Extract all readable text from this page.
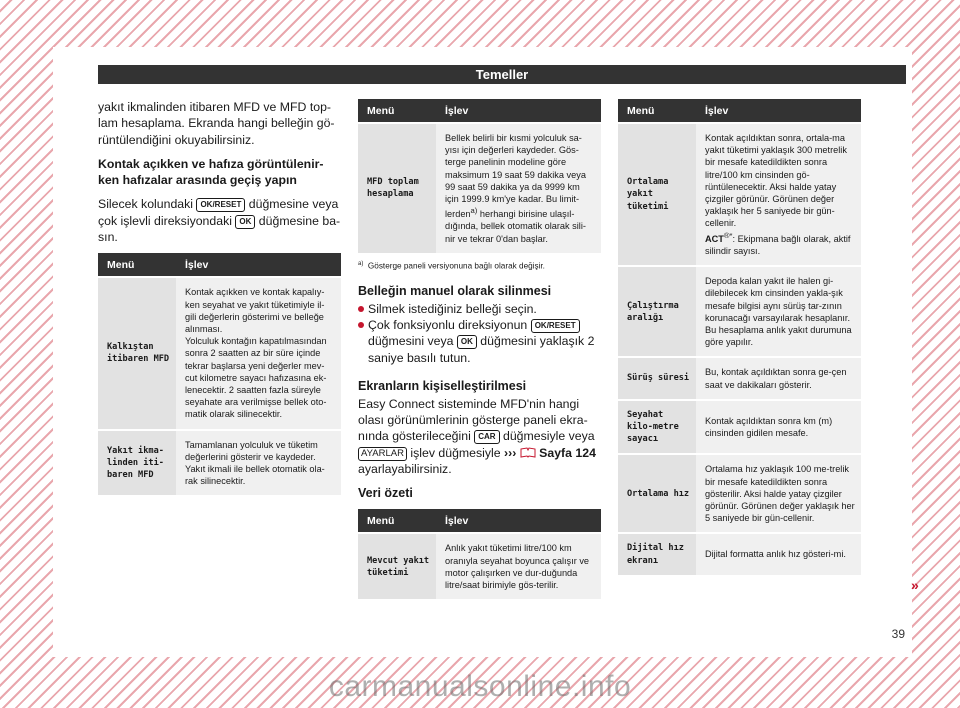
Temeller

yakıt ikmalinden itibaren MFD ve MFD top-lam hesaplama. Ekranda hangi belleğin gö-rüntülendiğini okuyabilirsiniz.

Kontak açıkken ve hafıza görüntülenir-ken hafızalar arasında geçiş yapın

Silecek kolundaki OK/RESET düğmesine veya çok işlevli direksiyondaki OK düğmesine ba-sın.

Menü	İşlev
Kalkıştan itibaren MFD	Kontak açıkken ve kontak kapalıy-ken seyahat ve yakıt tüketimiyle il-gili değerlerin gösterimi ve belleğe alınması.
Yolculuk kontağın kapatılmasından sonra 2 saatten az bir süre içinde tekrar başlarsa yeni değerler mev-cut kilometre sayacı hafızasına ek-lenecektir. 2 saatten fazla süreyle seyahate ara verilmişse bellek oto-matik olarak silinecektir.
Yakıt ikma-linden iti-baren MFD	Tamamlanan yolculuk ve tüketim değerlerini gösterir ve kaydeder. Yakıt ikmali ile bellek otomatik ola-rak silinecektir.
Menü	İşlev
MFD toplam hesaplama	Bellek belirli bir kısmi yolculuk sa-yısı için değerleri kaydeder. Gös-terge panelinin modeline göre maksimum 19 saat 59 dakika veya 99 saat 59 dakika ya da 9999 km için 1999.9 km'ye kadar. Bu limit-lerden$^{a)}$ herhangi birisine ulaşıl-dığında, bellek otomatik olarak sili-nir ve tekrar 0'dan başlar.

$^{a)}$ Gösterge paneli versiyonuna bağlı olarak değişir.

Belleğin manuel olarak silinmesi
Silmek istediğiniz belleği seçin.
Çok fonksiyonlu direksiyonun OK/RESET düğmesini veya OK düğmesini yaklaşık 2 saniye basılı tutun.
Ekranların kişiselleştirilmesi

Easy Connect sisteminde MFD'nin hangi olası görünümlerinin gösterge paneli ekra-nında gösterileceğini CAR düğmesiyle veya AYARLAR işlev düğmesiyle ››› Sayfa 124 ayarlayabilirsiniz.

Veri özeti
Menü	İşlev
Mevcut yakıt tüketimi	Anlık yakıt tüketimi litre/100 km oranıyla seyahat boyunca çalışır ve motor çalışırken ve dur-duğunda litre/saat birimiyle gös-terilir.
Menü	İşlev
Ortalama yakıt tüketimi	Kontak açıldıktan sonra, ortala-ma yakıt tüketimi yaklaşık 300 metrelik bir mesafe katedildikten sonra litre/100 km cinsinden gö-rüntülenecektir. Aksi halde yatay çizgiler görünür. Görünen değer yaklaşık her 5 saniyede bir gün-cellenir.
ACT®*: Ekipmana bağlı olarak, aktif silindir sayısı.
Çalıştırma aralığı	Depoda kalan yakıt ile halen gi-dilebilecek km cinsinden yakla-şık mesafe bilgisi aynı sürüş tar-zının korunacağı varsayılarak hesaplanır. Bu hesaplama anlık yakıt durumuna göre yapılır.
Sürüş süresi	Bu, kontak açıldıktan sonra ge-çen saat ve dakikaları gösterir.
Seyahat kilo-metre sayacı	Kontak açıldıktan sonra km (m) cinsinden gidilen mesafe.
Ortalama hız	Ortalama hız yaklaşık 100 me-trelik bir mesafe katedildikten sonra gösterilir. Aksi halde yatay çizgiler görünür. Görünen değer yaklaşık her 5 saniyede bir gün-cellenir.
Dijital hız ekranı	Dijital formatta anlık hız gösteri-mi.
»
39
carmanualsonline.info
